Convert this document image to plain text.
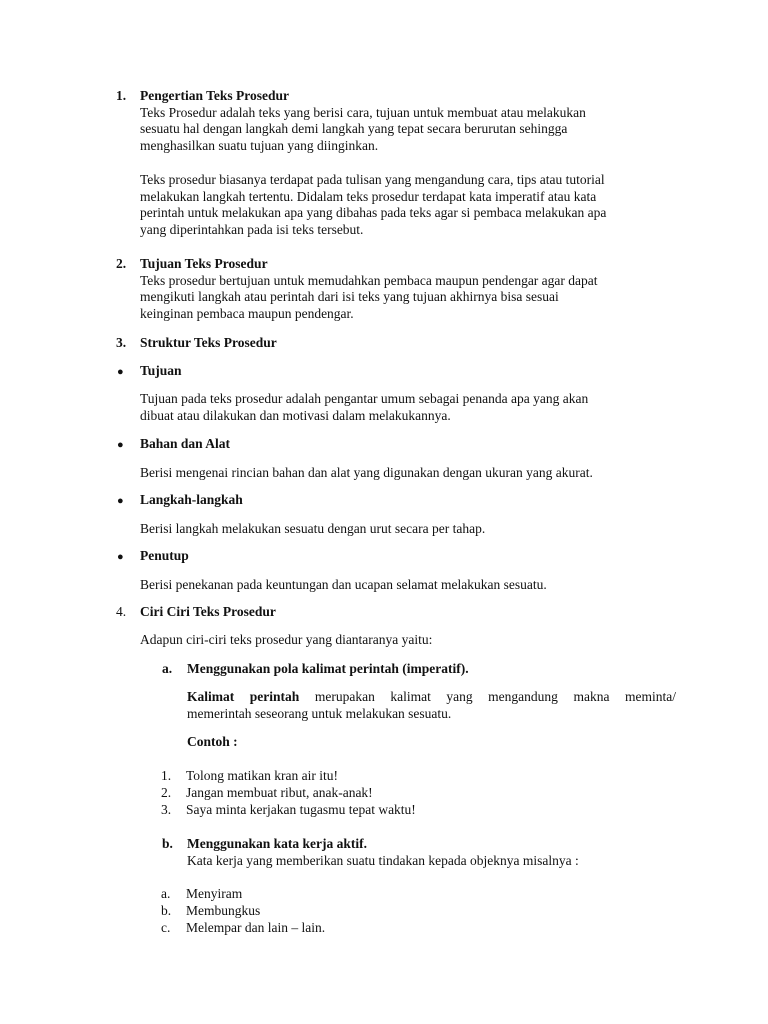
1.	Pengertian Teks Prosedur
Teks Prosedur adalah teks yang berisi cara, tujuan untuk membuat atau melakukan
sesuatu hal dengan langkah demi langkah yang tepat secara berurutan sehingga
menghasilkan suatu tujuan yang diinginkan.
Teks prosedur biasanya terdapat pada tulisan yang mengandung cara, tips atau tutorial
melakukan langkah tertentu. Didalam teks prosedur terdapat kata imperatif atau kata
perintah untuk melakukan apa yang dibahas pada teks agar si pembaca melakukan apa
yang diperintahkan pada isi teks tersebut.
2.	Tujuan Teks Prosedur
Teks prosedur bertujuan untuk memudahkan pembaca maupun pendengar agar dapat
mengikuti langkah atau perintah dari isi teks yang tujuan akhirnya bisa sesuai
keinginan pembaca maupun pendengar.
3.	Struktur Teks Prosedur
● Tujuan
Tujuan pada teks prosedur adalah pengantar umum sebagai penanda apa yang akan
dibuat atau dilakukan dan motivasi dalam melakukannya.
● Bahan dan Alat
Berisi mengenai rincian bahan dan alat yang digunakan dengan ukuran yang akurat.
● Langkah-langkah
Berisi langkah melakukan sesuatu dengan urut secara per tahap.
● Penutup
Berisi penekanan pada keuntungan dan ucapan selamat melakukan sesuatu.
4.	Ciri Ciri Teks Prosedur
Adapun ciri-ciri teks prosedur yang diantaranya yaitu:
a.	Menggunakan pola kalimat perintah (imperatif).
Kalimat perintah merupakan kalimat yang mengandung makna meminta/
memerintah seseorang untuk melakukan sesuatu.
Contoh :
1.	Tolong matikan kran air itu!
2.	Jangan membuat ribut, anak-anak!
3.	Saya minta kerjakan tugasmu tepat waktu!
b.	Menggunakan kata kerja aktif.
Kata kerja yang memberikan suatu tindakan kepada objeknya misalnya :
a.	Menyiram
b.	Membungkus
c.	Melempar dan lain – lain.
